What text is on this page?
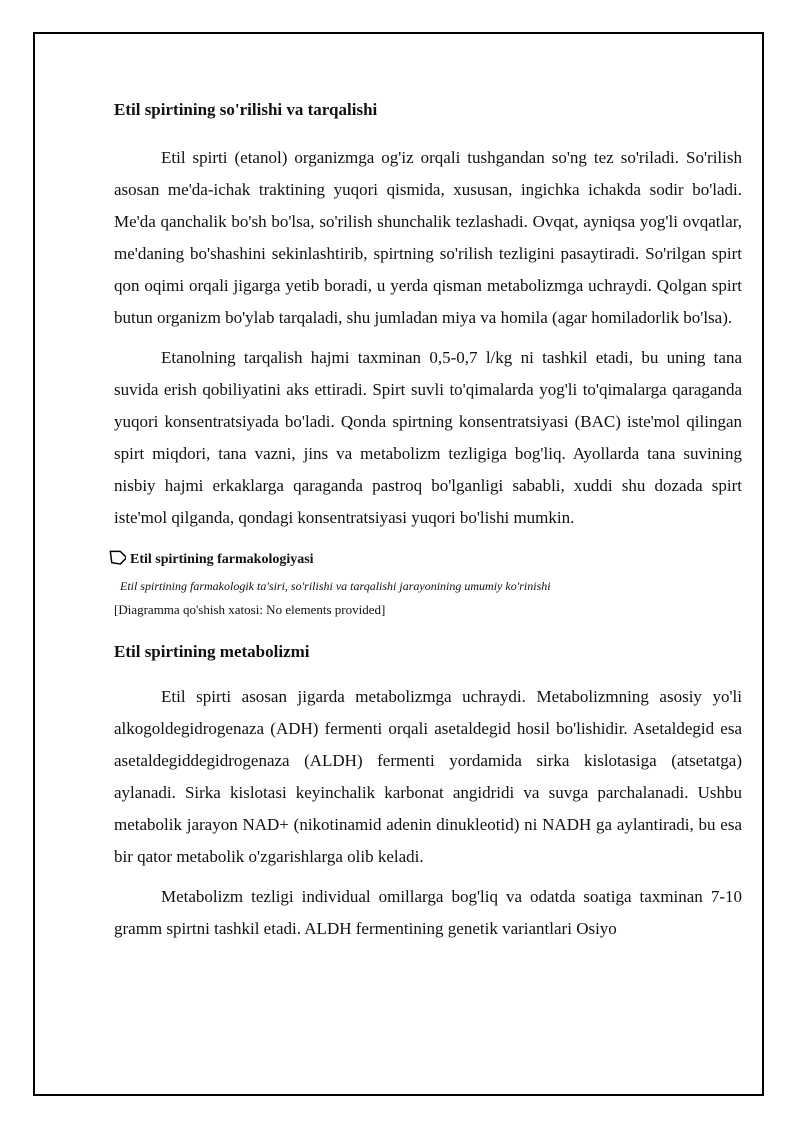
Etil spirtining so'rilishi va tarqalishi

Etil spirti (etanol) organizmga og'iz orqali tushgandan so'ng tez so'riladi. So'rilish asosan me'da-ichak traktining yuqori qismida, xususan, ingichka ichakda sodir bo'ladi. Me'da qanchalik bo'sh bo'lsa, so'rilish shunchalik tezlashadi. Ovqat, ayniqsa yog'li ovqatlar, me'daning bo'shashini sekinlashtirib, spirtning so'rilish tezligini pasaytiradi. So'rilgan spirt qon oqimi orqali jigarga yetib boradi, u yerda qisman metabolizmga uchraydi. Qolgan spirt butun organizm bo'ylab tarqaladi, shu jumladan miya va homila (agar homiladorlik bo'lsa).

Etanolning tarqalish hajmi taxminan 0,5-0,7 l/kg ni tashkil etadi, bu uning tana suvida erish qobiliyatini aks ettiradi. Spirt suvli to'qimalarda yog'li to'qimalarga qaraganda yuqori konsentratsiyada bo'ladi. Qonda spirtning konsentratsiyasi (BAC) iste'mol qilingan spirt miqdori, tana vazni, jins va metabolizm tezligiga bog'liq. Ayollarda tana suvining nisbiy hajmi erkaklarga qaraganda pastroq bo'lganligi sababli, xuddi shu dozada spirt iste'mol qilganda, qondagi konsentratsiyasi yuqori bo'lishi mumkin.

Etil spirtining farmakologiyasi
Etil spirtining farmakologik ta'siri, so'rilishi va tarqalishi jarayonining umumiy ko'rinishi
[Diagramma qo'shish xatosi: No elements provided]
Etil spirtining metabolizmi

Etil spirti asosan jigarda metabolizmga uchraydi. Metabolizmning asosiy yo'li alkogoldegidrogenaza (ADH) fermenti orqali asetaldegid hosil bo'lishidir. Asetaldegid esa asetaldegiddegidrogenaza (ALDH) fermenti yordamida sirka kislotasiga (atsetatga) aylanadi. Sirka kislotasi keyinchalik karbonat angidridi va suvga parchalanadi. Ushbu metabolik jarayon NAD+ (nikotinamid adenin dinukleotid) ni NADH ga aylantiradi, bu esa bir qator metabolik o'zgarishlarga olib keladi.

Metabolizm tezligi individual omillarga bog'liq va odatda soatiga taxminan 7-10 gramm spirtni tashkil etadi. ALDH fermentining genetik variantlari Osiyo
